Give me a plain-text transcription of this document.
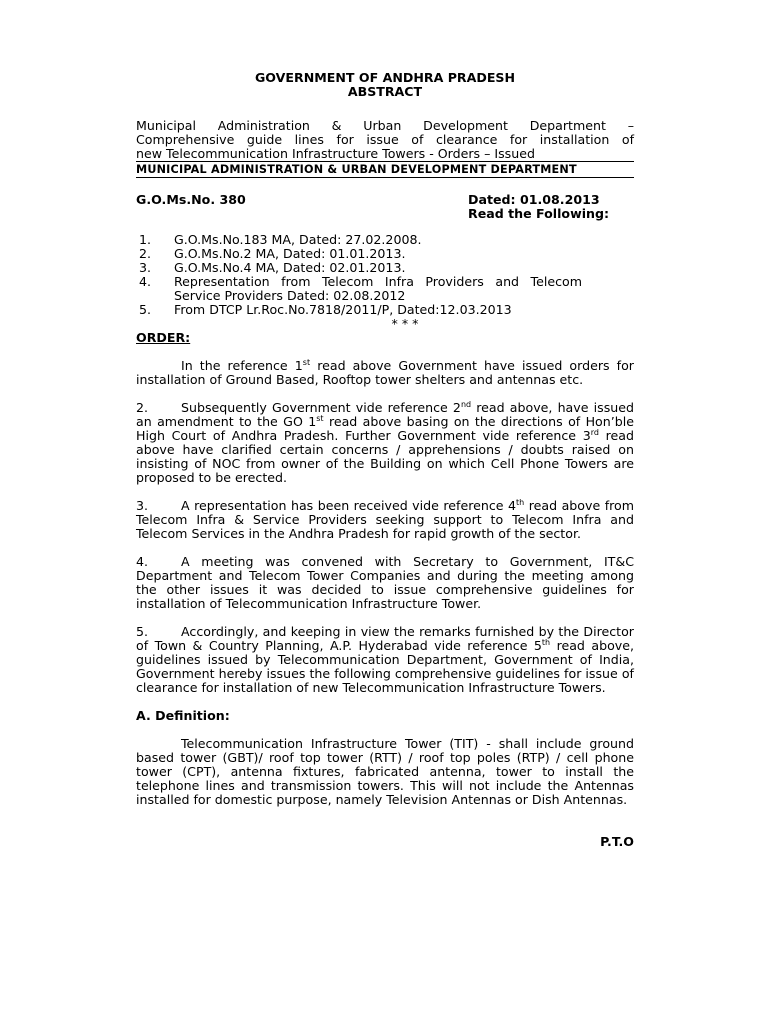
GOVERNMENT OF ANDHRA PRADESH
ABSTRACT
Municipal Administration & Urban Development Department –
Comprehensive guide lines for issue of clearance for installation of
new Telecommunication Infrastructure Towers - Orders – Issued
MUNICIPAL ADMINISTRATION & URBAN DEVELOPMENT DEPARTMENT
G.O.Ms.No. 380	Dated: 01.08.2013
Read the Following:
1.	G.O.Ms.No.183 MA, Dated: 27.02.2008.
2.	G.O.Ms.No.2 MA, Dated: 01.01.2013.
3.	G.O.Ms.No.4 MA, Dated: 02.01.2013.
4.	Representation from Telecom Infra Providers and Telecom Service Providers Dated: 02.08.2012
5.	From DTCP Lr.Roc.No.7818/2011/P, Dated:12.03.2013
* * *
ORDER:

In the reference 1st read above Government have issued orders for installation of Ground Based, Rooftop tower shelters and antennas etc.

2.	Subsequently Government vide reference 2nd read above, have issued an amendment to the GO 1st read above basing on the directions of Hon’ble High Court of Andhra Pradesh. Further Government vide reference 3rd read above have clarified certain concerns / apprehensions / doubts raised on insisting of NOC from owner of the Building on which Cell Phone Towers are proposed to be erected.

3.	A representation has been received vide reference 4th read above from Telecom Infra & Service Providers seeking support to Telecom Infra and Telecom Services in the Andhra Pradesh for rapid growth of the sector.

4.	A meeting was convened with Secretary to Government, IT&C Department and Telecom Tower Companies and during the meeting among the other issues it was decided to issue comprehensive guidelines for installation of Telecommunication Infrastructure Tower.

5.	Accordingly, and keeping in view the remarks furnished by the Director of Town & Country Planning, A.P. Hyderabad vide reference 5th read above, guidelines issued by Telecommunication Department, Government of India, Government hereby issues the following comprehensive guidelines for issue of clearance for installation of new Telecommunication Infrastructure Towers.

A. Definition:

Telecommunication Infrastructure Tower (TIT) - shall include ground based tower (GBT)/ roof top tower (RTT) / roof top poles (RTP) / cell phone tower (CPT), antenna fixtures, fabricated antenna, tower to install the telephone lines and transmission towers. This will not include the Antennas installed for domestic purpose, namely Television Antennas or Dish Antennas.

P.T.O
